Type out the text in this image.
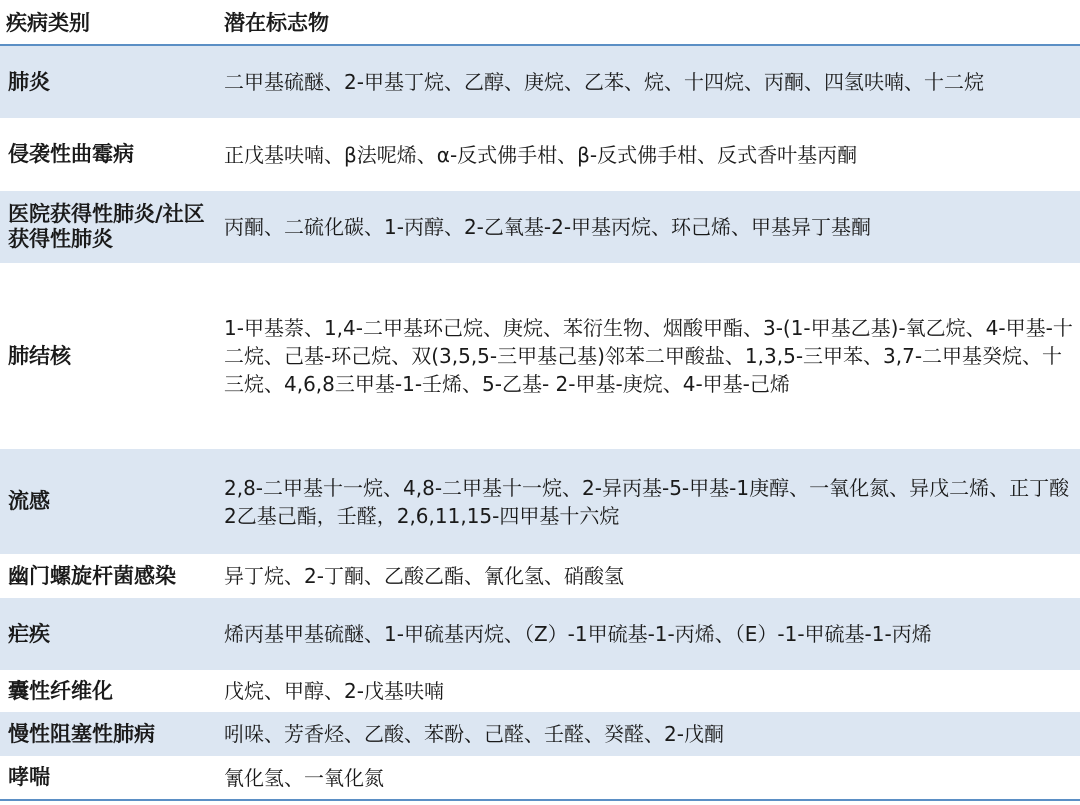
疾病类别	潜在标志物
肺炎	二甲基硫醚、2-甲基丁烷、乙醇、庚烷、乙苯、烷、十四烷、丙酮、四氢呋喃、十二烷
侵袭性曲霉病	正戊基呋喃、β法呢烯、α-反式佛手柑、β-反式佛手柑、反式香叶基丙酮
医院获得性肺炎/社区获得性肺炎	丙酮、二硫化碳、1-丙醇、2-乙氧基-2-甲基丙烷、环己烯、甲基异丁基酮
肺结核	1-甲基萘、1,4-二甲基环己烷、庚烷、苯衍生物、烟酸甲酯、3-(1-甲基乙基)-氧乙烷、4-甲基-十二烷、己基-环己烷、双(3,5,5-三甲基己基)邻苯二甲酸盐、1,3,5-三甲苯、3,7-二甲基癸烷、十三烷、4,6,8三甲基-1-壬烯、5-乙基- 2-甲基-庚烷、4-甲基-己烯
流感	2,8-二甲基十一烷、4,8-二甲基十一烷、2-异丙基-5-甲基-1庚醇、一氧化氮、异戊二烯、正丁酸2乙基己酯，壬醛，2,6,11,15-四甲基十六烷
幽门螺旋杆菌感染	异丁烷、2-丁酮、乙酸乙酯、氰化氢、硝酸氢
疟疾	烯丙基甲基硫醚、1-甲硫基丙烷、（Z）-1甲硫基-1-丙烯、（E）-1-甲硫基-1-丙烯
囊性纤维化	戊烷、甲醇、2-戊基呋喃
慢性阻塞性肺病	吲哚、芳香烃、乙酸、苯酚、己醛、壬醛、癸醛、2-戊酮
哮喘	氰化氢、一氧化氮
